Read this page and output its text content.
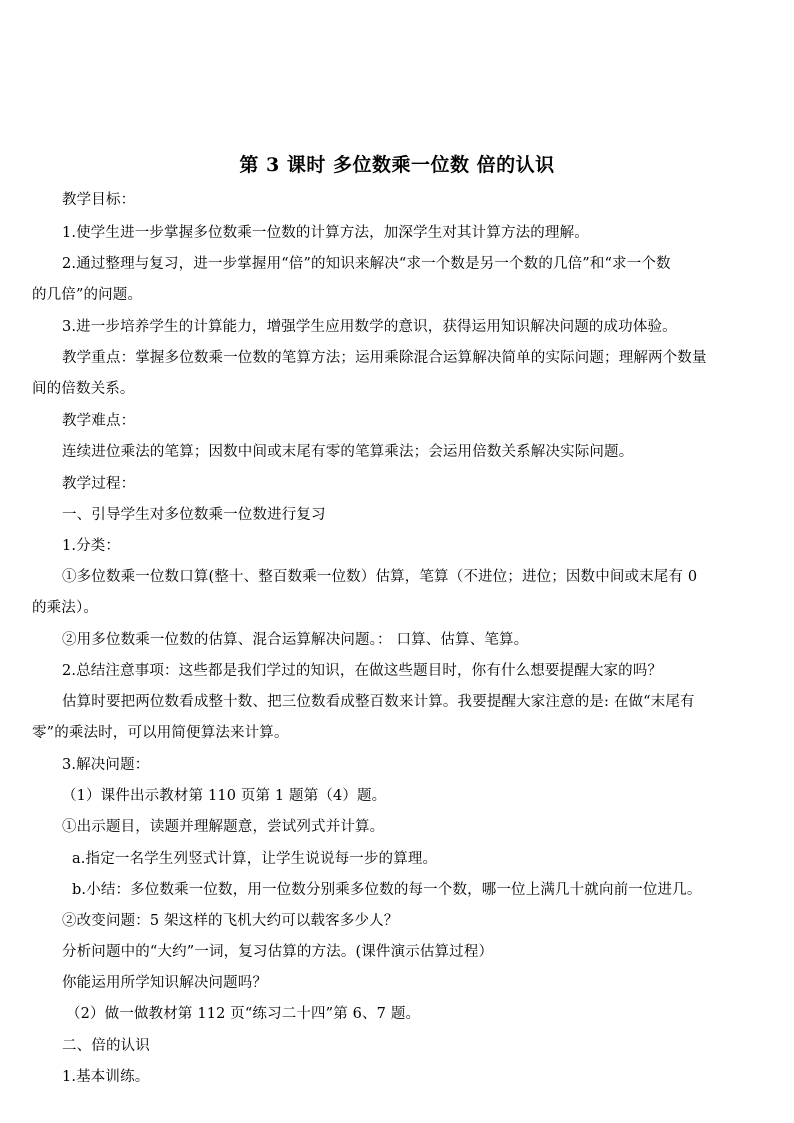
第 3 课时 多位数乘一位数 倍的认识
教学目标：
1.使学生进一步掌握多位数乘一位数的计算方法，加深学生对其计算方法的理解。
2.通过整理与复习，进一步掌握用“倍”的知识来解决“求一个数是另一个数的几倍”和“求一个数
的几倍”的问题。
3.进一步培养学生的计算能力，增强学生应用数学的意识，获得运用知识解决问题的成功体验。
教学重点：掌握多位数乘一位数的笔算方法；运用乘除混合运算解决简单的实际问题；理解两个数量
间的倍数关系。
教学难点：
连续进位乘法的笔算；因数中间或末尾有零的笔算乘法；会运用倍数关系解决实际问题。
教学过程：
一、引导学生对多位数乘一位数进行复习
1.分类：
①多位数乘一位数口算(整十、整百数乘一位数）估算，笔算（不进位；进位；因数中间或末尾有 0
的乘法）。
②用多位数乘一位数的估算、混合运算解决问题。： 口算、估算、笔算。
2.总结注意事项：这些都是我们学过的知识，在做这些题目时，你有什么想要提醒大家的吗？
估算时要把两位数看成整十数、把三位数看成整百数来计算。我要提醒大家注意的是: 在做“末尾有
零”的乘法时，可以用简便算法来计算。
3.解决问题：
（1）课件出示教材第 110 页第 1 题第（4）题。
①出示题目，读题并理解题意，尝试列式并计算。
a.指定一名学生列竖式计算，让学生说说每一步的算理。
b.小结：多位数乘一位数，用一位数分别乘多位数的每一个数，哪一位上满几十就向前一位进几。
②改变问题：5 架这样的飞机大约可以载客多少人？
分析问题中的“大约”一词，复习估算的方法。(课件演示估算过程）
你能运用所学知识解决问题吗？
（2）做一做教材第 112 页“练习二十四”第 6、7 题。
二、倍的认识
1.基本训练。
